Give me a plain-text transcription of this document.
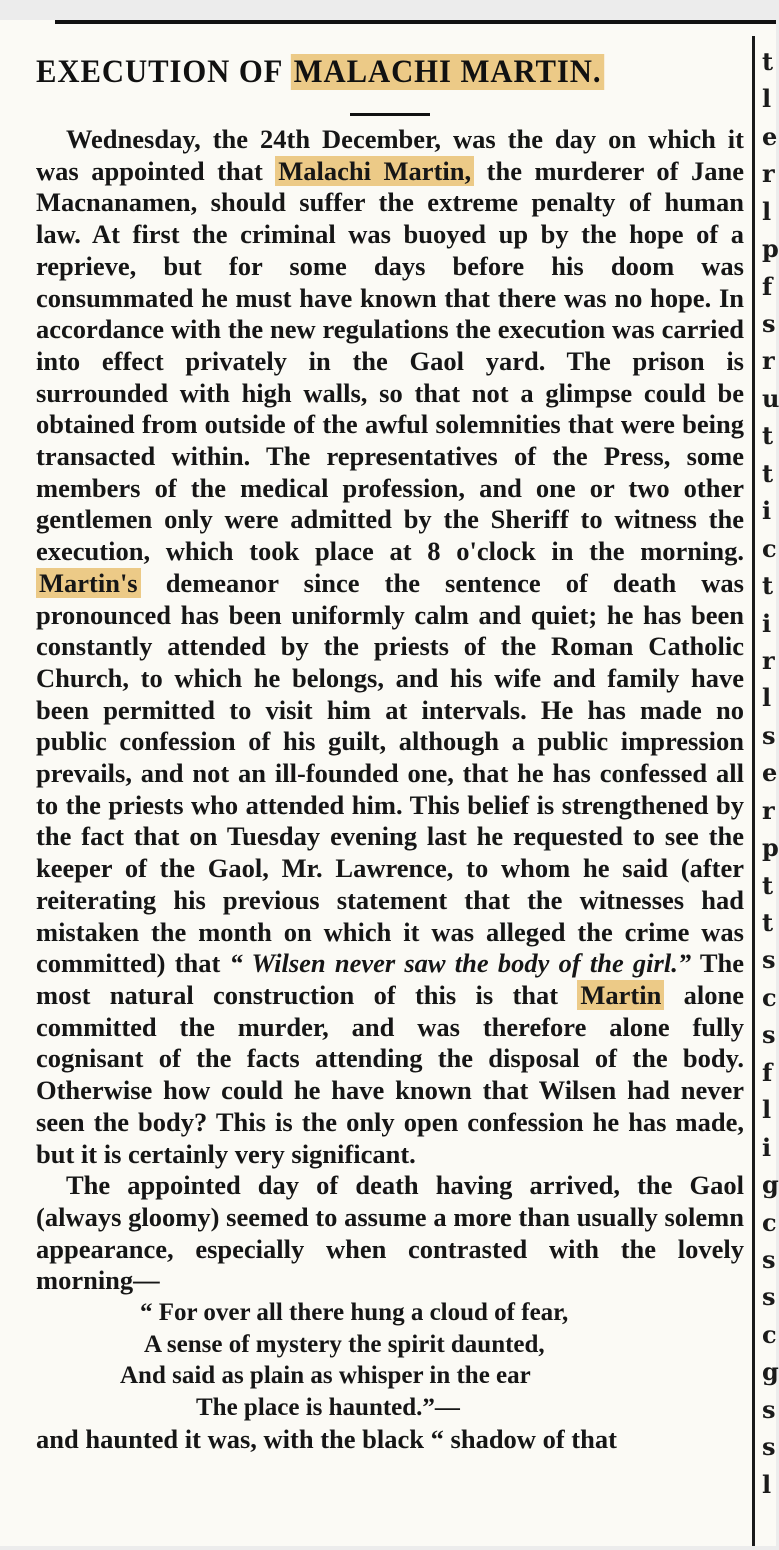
t
l
e
r
l
p
f
s
r
u
t
t
i
c
t
i
r
l
s
e
r
p
t
t
s
c
s
f
l
i
g
c
s
s
c
g
s
s
l
EXECUTION OF MALACHI MARTIN.

Wednesday, the 24th December, was the day on which it was appointed that Malachi Martin, the murderer of Jane Macnanamen, should suffer the extreme penalty of human law. At first the criminal was buoyed up by the hope of a reprieve, but for some days before his doom was consummated he must have known that there was no hope. In accordance with the new regulations the execution was carried into effect privately in the Gaol yard. The prison is surrounded with high walls, so that not a glimpse could be obtained from outside of the awful solemnities that were being transacted within. The representatives of the Press, some members of the medical profession, and one or two other gentlemen only were admitted by the Sheriff to witness the execution, which took place at 8 o'clock in the morning. Martin's demeanor since the sentence of death was pronounced has been uniformly calm and quiet; he has been constantly attended by the priests of the Roman Catholic Church, to which he belongs, and his wife and family have been permitted to visit him at intervals. He has made no public confession of his guilt, although a public impression prevails, and not an ill-founded one, that he has confessed all to the priests who attended him. This belief is strengthened by the fact that on Tuesday evening last he requested to see the keeper of the Gaol, Mr. Lawrence, to whom he said (after reiterating his previous statement that the witnesses had mistaken the month on which it was alleged the crime was committed) that “ Wilsen never saw the body of the girl.” The most natural construction of this is that Martin alone committed the murder, and was therefore alone fully cognisant of the facts attending the disposal of the body. Otherwise how could he have known that Wilsen had never seen the body? This is the only open confession he has made, but it is certainly very significant.

The appointed day of death having arrived, the Gaol (always gloomy) seemed to assume a more than usually solemn appearance, especially when contrasted with the lovely morning—

“ For over all there hung a cloud of fear,
A sense of mystery the spirit daunted,
And said as plain as whisper in the ear
The place is haunted.”—
and haunted it was, with the black “ shadow of that
